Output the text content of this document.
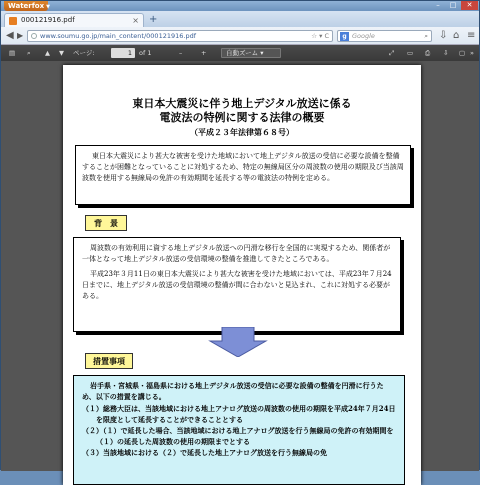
Waterfox ▼	–	□	✕
000121916.pdf	× +
◀ ▶	www.soumu.go.jp/main_content/000121916.pdf	☆ ▾ C	g Google	⌕ ⇩ ⌂ ≡
▤ ⌕ ▲ ▼ ページ:	1	of 1	–	+	自動ズーム ▾	⤢ ▭ ⎙ ⇩ ▢ »
東日本大震災に伴う地上デジタル放送に係る
電波法の特例に関する法律の概要
（平成２３年法律第６８号）
東日本大震災により甚大な被害を受けた地域において地上デジタル放送の受信に必要な設備を整備することが困難となっていることに対処するため、特定の無線局区分の周波数の使用の期限及び当該周波数を使用する無線局の免許の有効期間を延長する等の電波法の特例を定める。
背　景

周波数の有効利用に資する地上デジタル放送への円滑な移行を全国的に実現するため、関係者が一体となって地上デジタル放送の受信環境の整備を推進してきたところである。

平成23年３月11日の東日本大震災により甚大な被害を受けた地域においては、平成23年７月24日までに、地上デジタル放送の受信環境の整備が間に合わないと見込まれ、これに対処する必要がある。

措置事項
岩手県・宮城県・福島県における地上デジタル放送の受信に必要な設備の整備を円滑に行うため、以下の措置を講じる。
（１）総務大臣は、当該地域における地上アナログ放送の周波数の使用の期限を平成24年７月24日を限度として延長することができることとする
（２）（１）で延長した場合、当該地域における地上アナログ放送を行う無線局の免許の有効期間を（１）の延長した周波数の使用の期限までとする
（３）当該地域における（２）で延長した地上アナログ放送を行う無線局の免
